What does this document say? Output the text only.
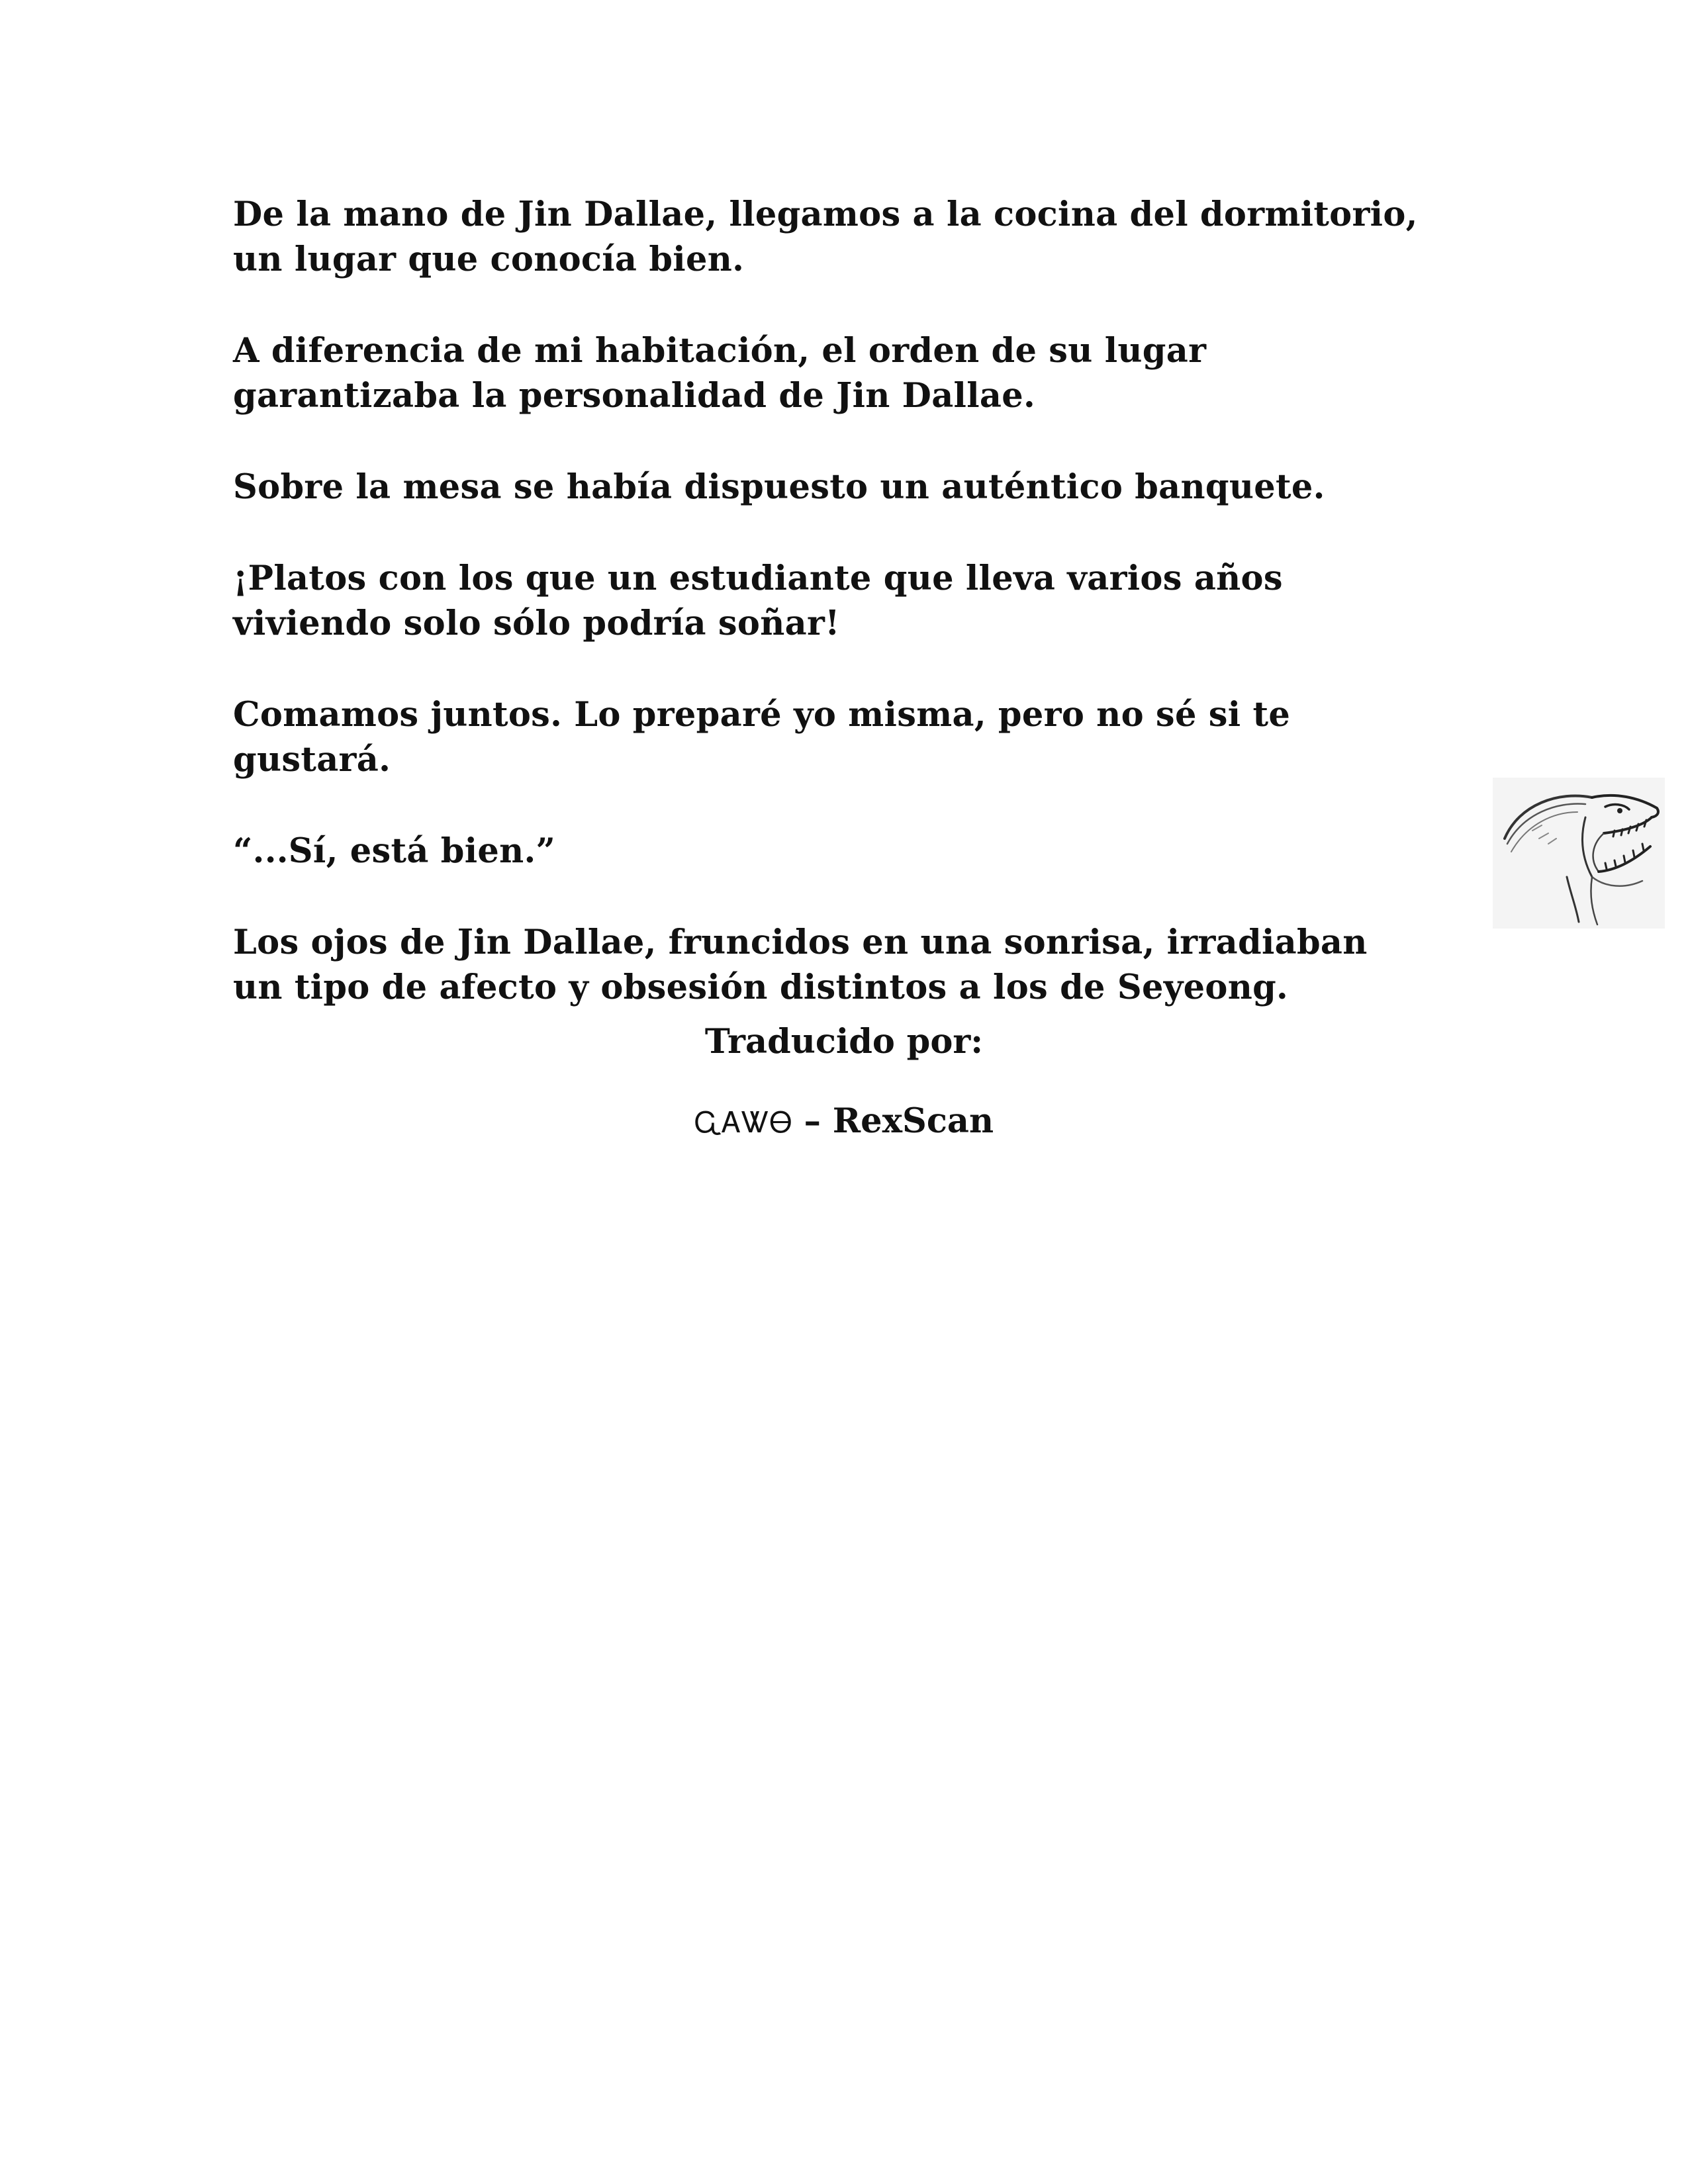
De la mano de Jin Dallae, llegamos a la cocina del dormitorio,
un lugar que conocía bien.

A diferencia de mi habitación, el orden de su lugar
garantizaba la personalidad de Jin Dallae.

Sobre la mesa se había dispuesto un auténtico banquete.

¡Platos con los que un estudiante que lleva varios años
viviendo solo sólo podría soñar!

Comamos juntos. Lo preparé yo misma, pero no sé si te
gustará.

“...Sí, está bien.”

Los ojos de Jin Dallae, fruncidos en una sonrisa, irradiaban
un tipo de afecto y obsesión distintos a los de Seyeong.

Traducido por:
ᏩᎪᏔᎾ – RexScan
